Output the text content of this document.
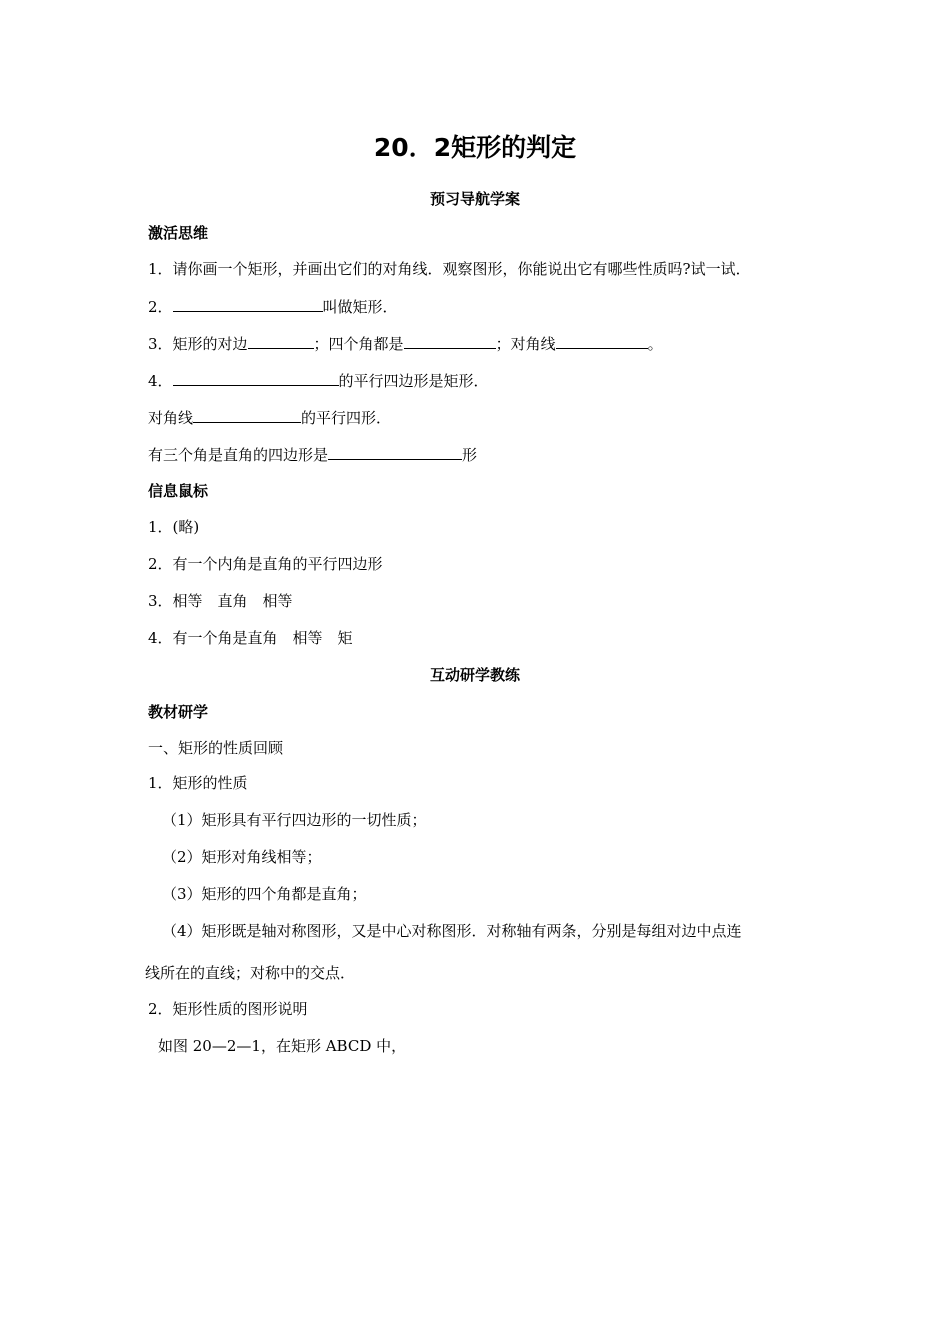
20．2矩形的判定
预习导航学案
激活思维
1．请你画一个矩形，并画出它们的对角线．观察图形，你能说出它有哪些性质吗?试一试．
2．	叫做矩形．
3．矩形的对边	；四个角都是	；对角线	。
4．	的平行四边形是矩形．
对角线	的平行四形．
有三个角是直角的四边形是	形
信息鼠标
1．(略)
2．有一个内角是直角的平行四边形
3．相等　直角　相等
4．有一个角是直角　相等　矩
互动研学教练
教材研学
一、矩形的性质回顾
1．矩形的性质
（1）矩形具有平行四边形的一切性质；
（2）矩形对角线相等；
（3）矩形的四个角都是直角；
（4）矩形既是轴对称图形，又是中心对称图形．对称轴有两条，分别是每组对边中点连
线所在的直线；对称中的交点．
2．矩形性质的图形说明
如图 20—2—1，在矩形 ABCD 中，
